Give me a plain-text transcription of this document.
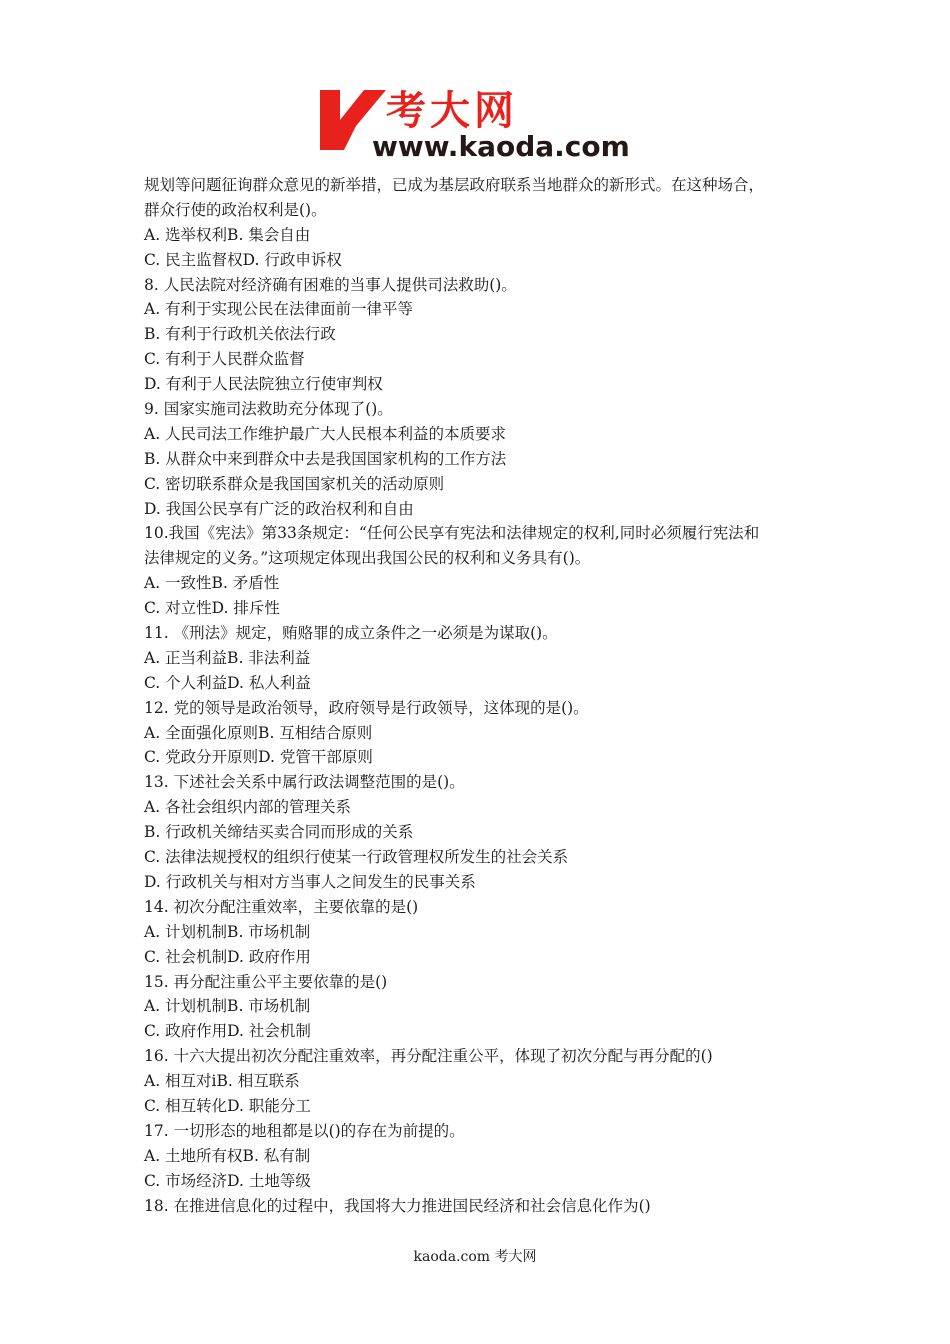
考大网
www.kaoda.com
规划等问题征询群众意见的新举措，已成为基层政府联系当地群众的新形式。在这种场合，
群众行使的政治权利是()。
A. 选举权利B. 集会自由
C. 民主监督权D. 行政申诉权
8. 人民法院对经济确有困难的当事人提供司法救助()。
A. 有利于实现公民在法律面前一律平等
B. 有利于行政机关依法行政
C. 有利于人民群众监督
D. 有利于人民法院独立行使审判权
9. 国家实施司法救助充分体现了()。
A. 人民司法工作维护最广大人民根本利益的本质要求
B. 从群众中来到群众中去是我国国家机构的工作方法
C. 密切联系群众是我国国家机关的活动原则
D. 我国公民享有广泛的政治权利和自由
10.我国《宪法》第33条规定：“任何公民享有宪法和法律规定的权利,同时必须履行宪法和
法律规定的义务。”这项规定体现出我国公民的权利和义务具有()。
A. 一致性B. 矛盾性
C. 对立性D. 排斥性
11. 《刑法》规定，贿赂罪的成立条件之一必须是为谋取()。
A. 正当利益B. 非法利益
C. 个人利益D. 私人利益
12. 党的领导是政治领导，政府领导是行政领导，这体现的是()。
A. 全面强化原则B. 互相结合原则
C. 党政分开原则D. 党管干部原则
13. 下述社会关系中属行政法调整范围的是()。
A. 各社会组织内部的管理关系
B. 行政机关缔结买卖合同而形成的关系
C. 法律法规授权的组织行使某一行政管理权所发生的社会关系
D. 行政机关与相对方当事人之间发生的民事关系
14. 初次分配注重效率，主要依靠的是()
A. 计划机制B. 市场机制
C. 社会机制D. 政府作用
15. 再分配注重公平主要依靠的是()
A. 计划机制B. 市场机制
C. 政府作用D. 社会机制
16. 十六大提出初次分配注重效率，再分配注重公平，体现了初次分配与再分配的()
A. 相互对iB. 相互联系
C. 相互转化D. 职能分工
17. 一切形态的地租都是以()的存在为前提的。
A. 土地所有权B. 私有制
C. 市场经济D. 土地等级
18. 在推进信息化的过程中，我国将大力推进国民经济和社会信息化作为()
kaoda.com 考大网
